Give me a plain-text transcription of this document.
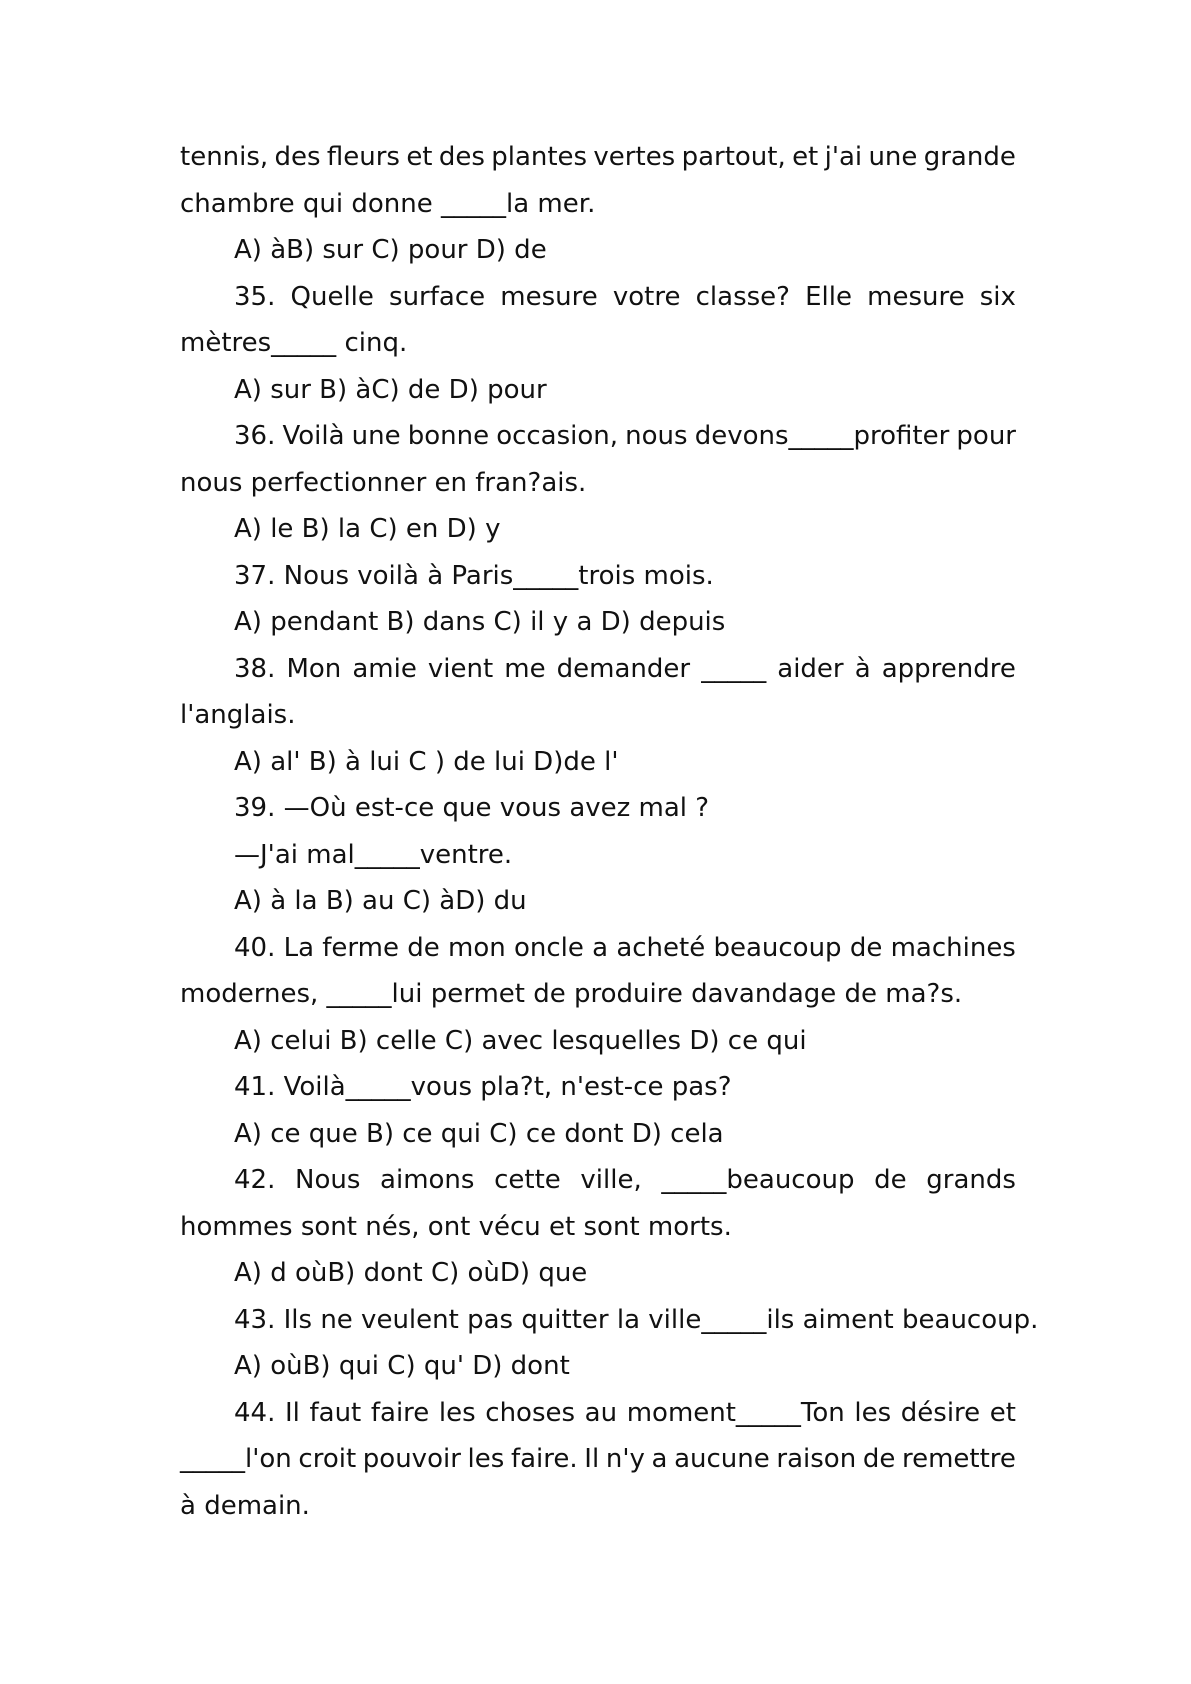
tennis, des fleurs et des plantes vertes partout, et j'ai une grande
chambre qui donne _____la mer.
A) àB) sur C) pour D) de
35. Quelle surface mesure votre classe? Elle mesure six
mètres_____ cinq.
A) sur B) àC) de D) pour
36. Voilà une bonne occasion, nous devons_____profiter pour
nous perfectionner en fran?ais.
A) le B) la C) en D) y
37. Nous voilà à Paris_____trois mois.
A) pendant B) dans C) il y a D) depuis
38. Mon amie vient me demander _____ aider à apprendre
l'anglais.
A) al' B) à lui C ) de lui D)de l'
39. —Où est-ce que vous avez mal ?
—J'ai mal_____ventre.
A) à la B) au C) àD) du
40. La ferme de mon oncle a acheté beaucoup de machines
modernes, _____lui permet de produire davandage de ma?s.
A) celui B) celle C) avec lesquelles D) ce qui
41. Voilà_____vous pla?t, n'est-ce pas?
A) ce que B) ce qui C) ce dont D) cela
42. Nous aimons cette ville, _____beaucoup de grands
hommes sont nés, ont vécu et sont morts.
A) d oùB) dont C) oùD) que
43. Ils ne veulent pas quitter la ville_____ils aiment beaucoup.
A) oùB) qui C) qu' D) dont
44. Il faut faire les choses au moment_____Ton les désire et
_____l'on croit pouvoir les faire. Il n'y a aucune raison de remettre
à demain.
